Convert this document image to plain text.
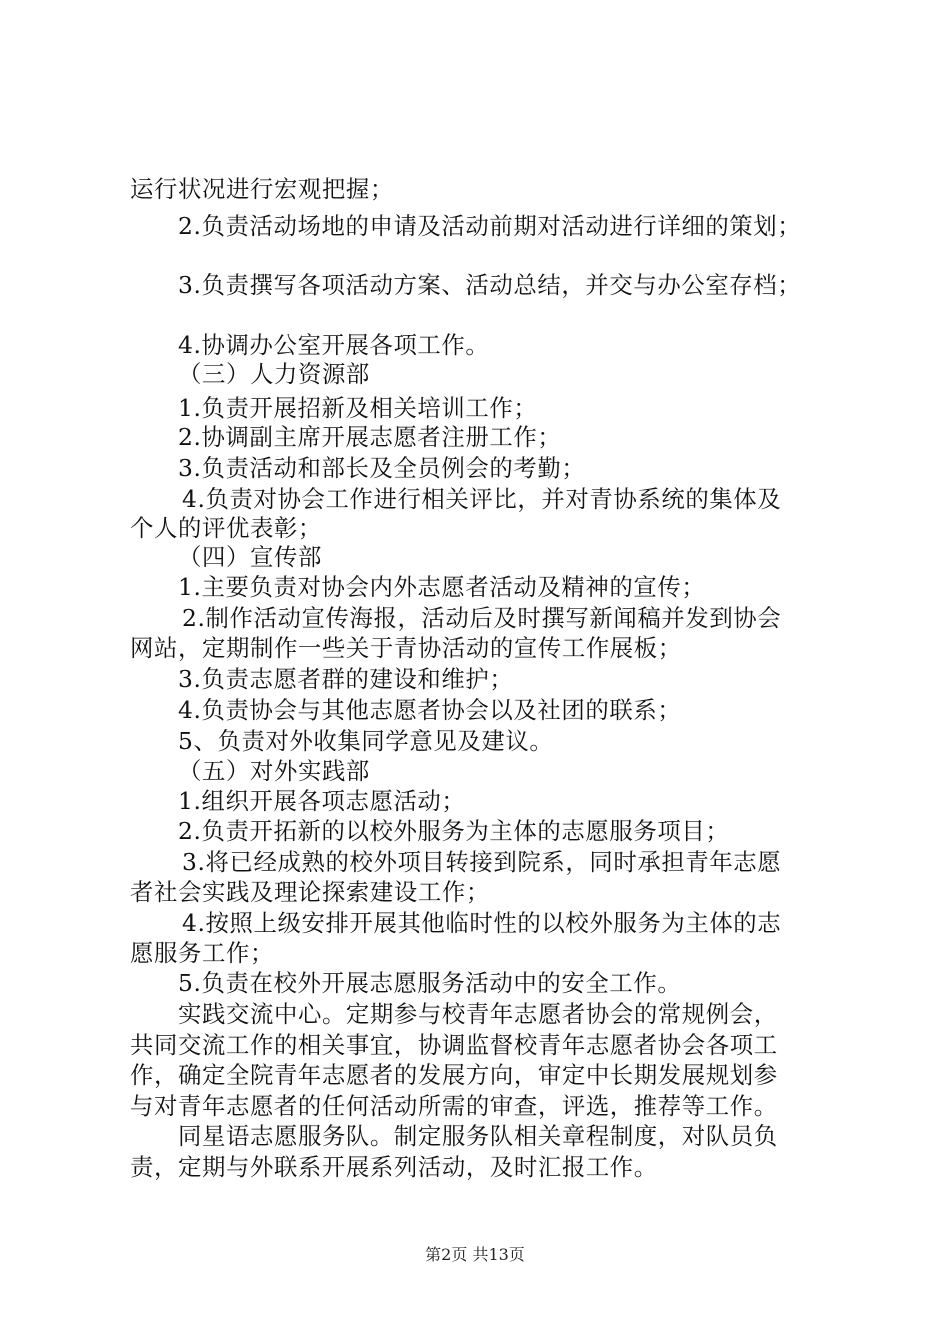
运行状况进行宏观把握；
2.负责活动场地的申请及活动前期对活动进行详细的策划；
3.负责撰写各项活动方案、活动总结，并交与办公室存档；
4.协调办公室开展各项工作。
（三）人力资源部
1.负责开展招新及相关培训工作；
2.协调副主席开展志愿者注册工作；
3.负责活动和部长及全员例会的考勤；
4.负责对协会工作进行相关评比，并对青协系统的集体及
个人的评优表彰；
（四）宣传部
1.主要负责对协会内外志愿者活动及精神的宣传；
2.制作活动宣传海报，活动后及时撰写新闻稿并发到协会
网站，定期制作一些关于青协活动的宣传工作展板；
3.负责志愿者群的建设和维护；
4.负责协会与其他志愿者协会以及社团的联系；
5、负责对外收集同学意见及建议。
（五）对外实践部
1.组织开展各项志愿活动；
2.负责开拓新的以校外服务为主体的志愿服务项目；
3.将已经成熟的校外项目转接到院系，同时承担青年志愿
者社会实践及理论探索建设工作；
4.按照上级安排开展其他临时性的以校外服务为主体的志
愿服务工作；
5.负责在校外开展志愿服务活动中的安全工作。
实践交流中心。定期参与校青年志愿者协会的常规例会，
共同交流工作的相关事宜，协调监督校青年志愿者协会各项工
作，确定全院青年志愿者的发展方向，审定中长期发展规划参
与对青年志愿者的任何活动所需的审查，评选，推荐等工作。
同星语志愿服务队。制定服务队相关章程制度，对队员负
责，定期与外联系开展系列活动，及时汇报工作。
第2页 共13页
